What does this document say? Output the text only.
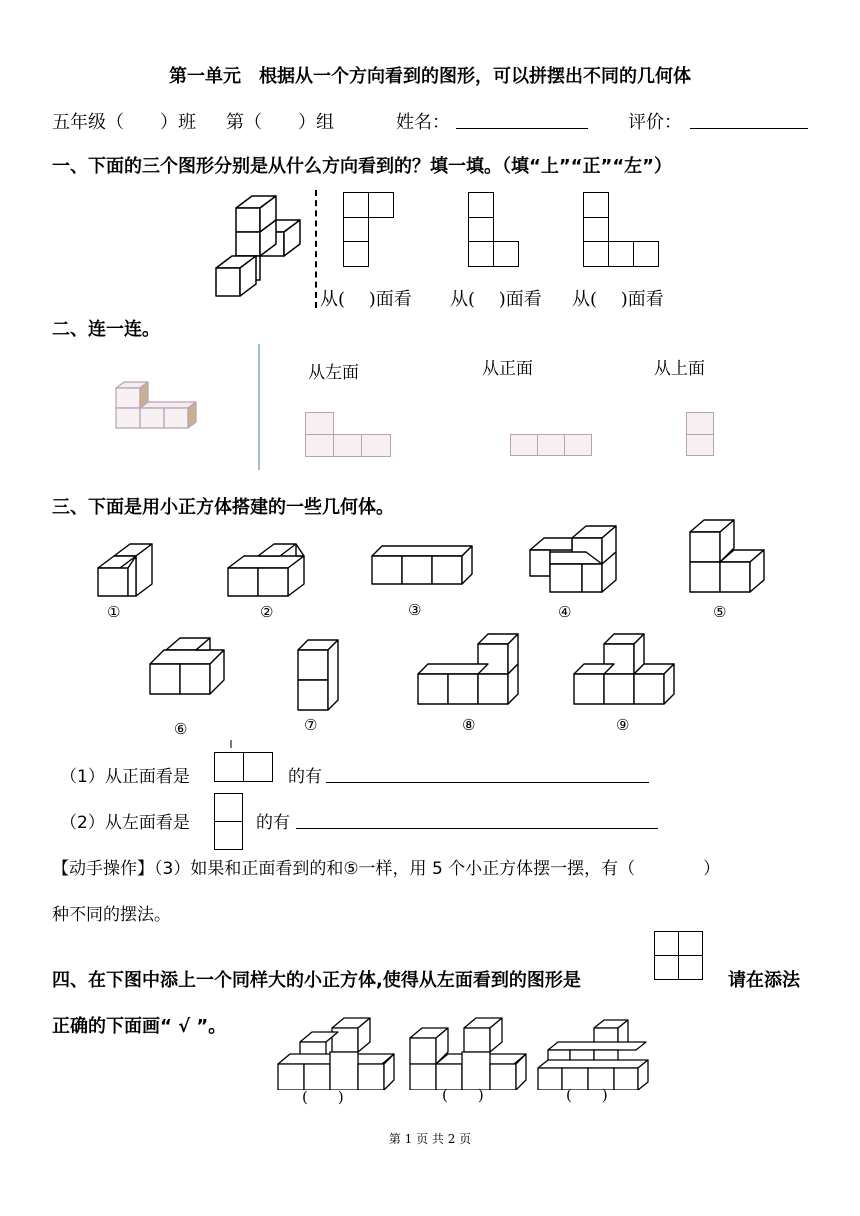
第一单元　根据从一个方向看到的图形，可以拼摆出不同的几何体
五年级（　　）班 第（　　）组	姓名：	评价：
一、下面的三个图形分别是从什么方向看到的？填一填。（填“上”“正”“左”）
从(　 )面看 从(　 )面看 从(　 )面看
二、连一连。
从左面	从正面	从上面
三、下面是用小正方体搭建的一些几何体。
①	②	③	④	⑤
⑥	⑦	⑧	⑨
（1）从正面看是	的有
（2）从左面看是	的有
【动手操作】（3）如果和正面看到的和⑤一样，用 5 个小正方体摆一摆，有（　　　　）
种不同的摆法。
四、在下图中添上一个同样大的小正方体,使得从左面看到的图形是	请在添法
正确的下面画“ √ ”。
(　　)	(　　)	(　　)
第 1 页 共 2 页
